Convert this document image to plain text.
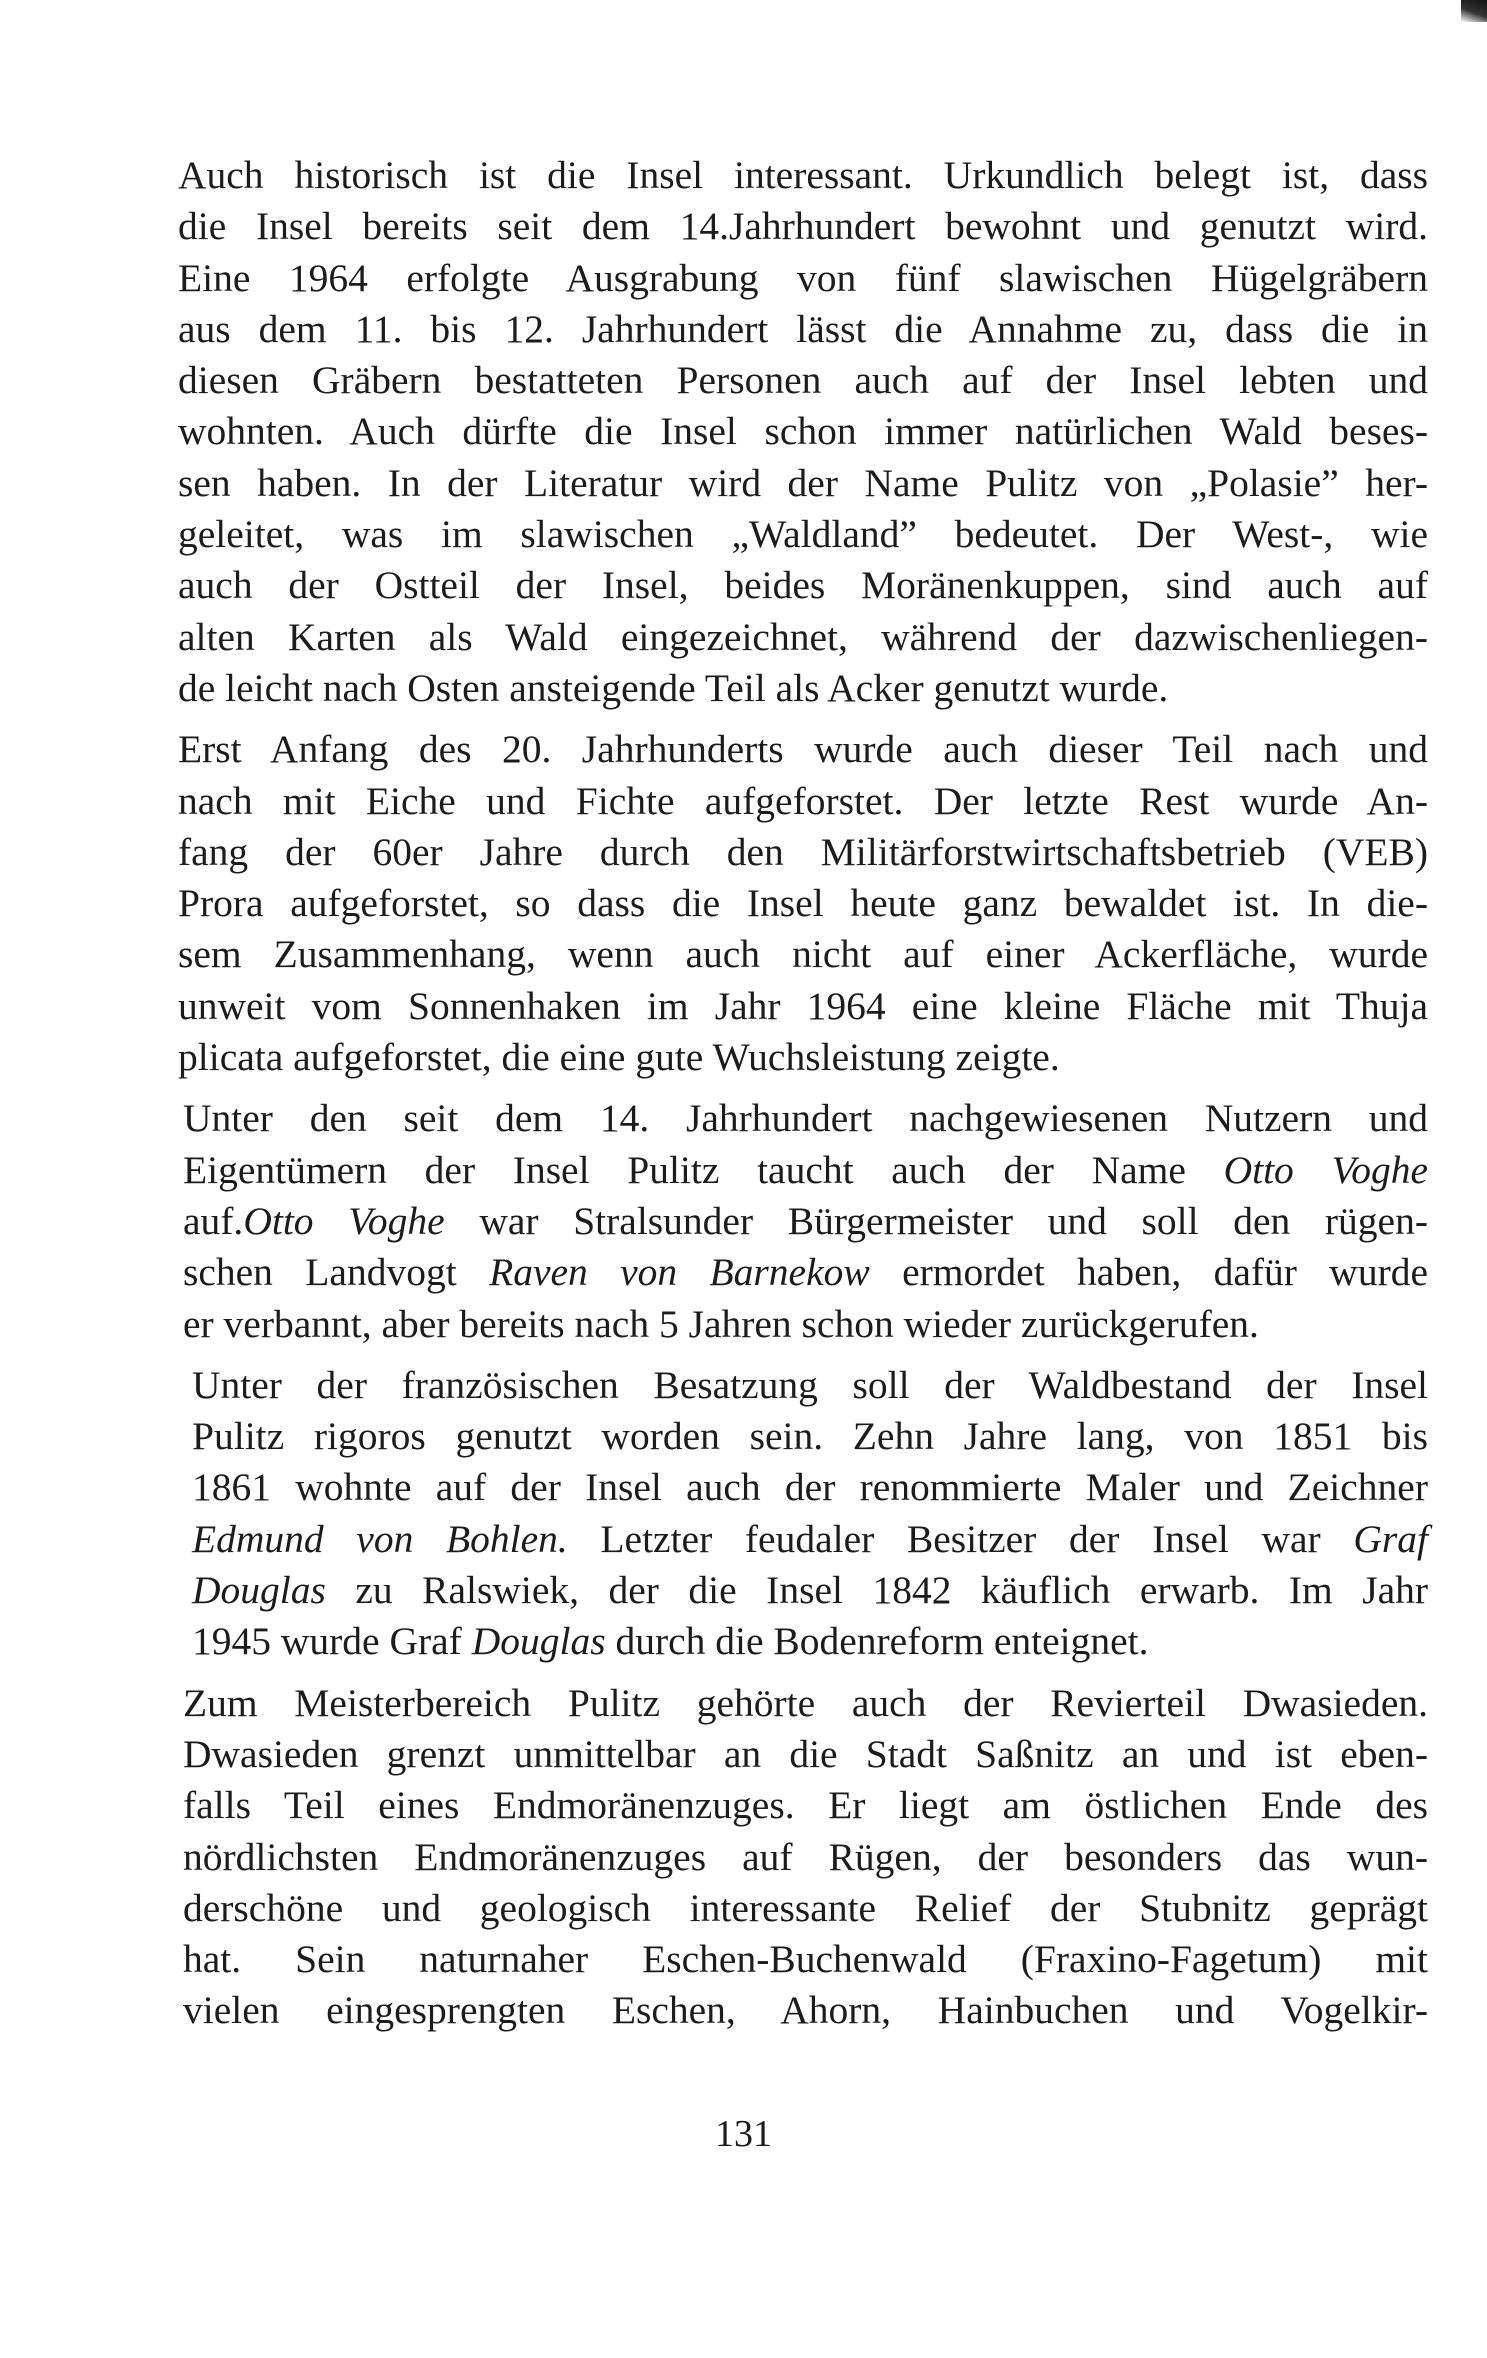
Auch historisch ist die Insel interessant. Urkundlich belegt ist, dass
die Insel bereits seit dem 14.Jahrhundert bewohnt und genutzt wird.
Eine 1964 erfolgte Ausgrabung von fünf slawischen Hügelgräbern
aus dem 11. bis 12. Jahrhundert lässt die Annahme zu, dass die in
diesen Gräbern bestatteten Personen auch auf der Insel lebten und
wohnten. Auch dürfte die Insel schon immer natürlichen Wald beses-
sen haben. In der Literatur wird der Name Pulitz von „Polasie” her-
geleitet, was im slawischen „Waldland” bedeutet. Der West-, wie
auch der Ostteil der Insel, beides Moränenkuppen, sind auch auf
alten Karten als Wald eingezeichnet, während der dazwischenliegen-
de leicht nach Osten ansteigende Teil als Acker genutzt wurde.
Erst Anfang des 20. Jahrhunderts wurde auch dieser Teil nach und
nach mit Eiche und Fichte aufgeforstet. Der letzte Rest wurde An-
fang der 60er Jahre durch den Militärforstwirtschaftsbetrieb (VEB)
Prora aufgeforstet, so dass die Insel heute ganz bewaldet ist. In die-
sem Zusammenhang, wenn auch nicht auf einer Ackerfläche, wurde
unweit vom Sonnenhaken im Jahr 1964 eine kleine Fläche mit Thuja
plicata aufgeforstet, die eine gute Wuchsleistung zeigte.
Unter den seit dem 14. Jahrhundert nachgewiesenen Nutzern und
Eigentümern der Insel Pulitz taucht auch der Name Otto Voghe
auf.Otto Voghe war Stralsunder Bürgermeister und soll den rügen-
schen Landvogt Raven von Barnekow ermordet haben, dafür wurde
er verbannt, aber bereits nach 5 Jahren schon wieder zurückgerufen.
Unter der französischen Besatzung soll der Waldbestand der Insel
Pulitz rigoros genutzt worden sein. Zehn Jahre lang, von 1851 bis
1861 wohnte auf der Insel auch der renommierte Maler und Zeichner
Edmund von Bohlen. Letzter feudaler Besitzer der Insel war Graf
Douglas zu Ralswiek, der die Insel 1842 käuflich erwarb. Im Jahr
1945 wurde Graf Douglas durch die Bodenreform enteignet.
Zum Meisterbereich Pulitz gehörte auch der Revierteil Dwasieden.
Dwasieden grenzt unmittelbar an die Stadt Saßnitz an und ist eben-
falls Teil eines Endmoränenzuges. Er liegt am östlichen Ende des
nördlichsten Endmoränenzuges auf Rügen, der besonders das wun-
derschöne und geologisch interessante Relief der Stubnitz geprägt
hat. Sein naturnaher Eschen-Buchenwald (Fraxino-Fagetum) mit
vielen eingesprengten Eschen, Ahorn, Hainbuchen und Vogelkir-
131
